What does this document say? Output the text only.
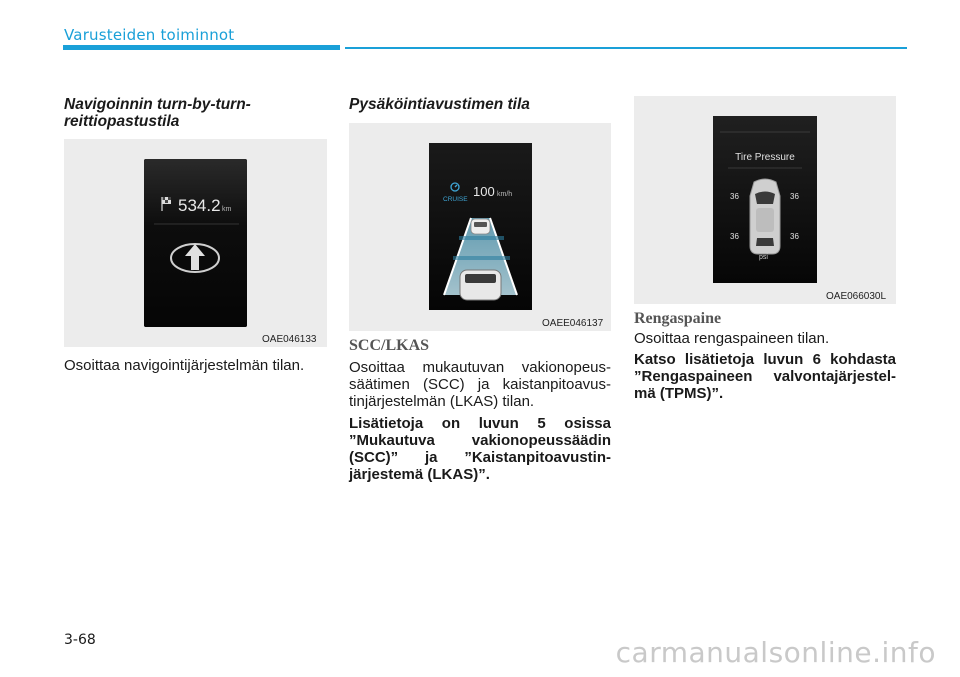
Varusteiden toiminnot
Navigoinnin turn-by-turn-
reittiopastustila
534.2 km
OAE046133
Osoittaa navigointijärjestelmän tilan.
Pysäköintiavustimen tila
CRUISE
100 km/h
OAEE046137
SCC/LKAS
Osoittaa mukautuvan vakionopeus-säätimen (SCC) ja kaistanpitoavus-tinjärjestelmän (LKAS) tilan.
Lisätietoja on luvun 5 osissa ”Mukautuva vakionopeussäädin (SCC)” ja ”Kaistanpitoavustin-järjestemä (LKAS)”.
Tire Pressure
36	36
36	36
psi
OAE066030L
Rengaspaine
Osoittaa rengaspaineen tilan.
Katso lisätietoja luvun 6 kohdasta ”Rengaspaineen valvontajärjestel-mä (TPMS)”.
3-68	carmanualsonline.info
